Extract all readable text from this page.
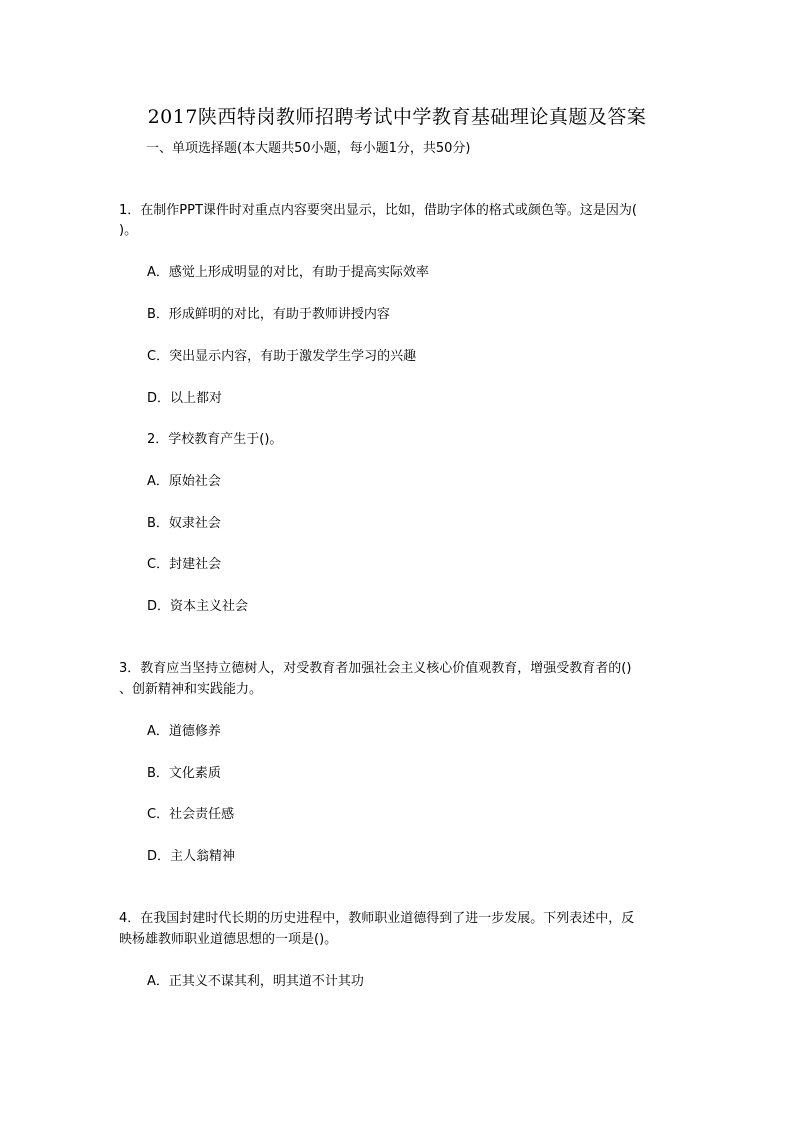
2017陕西特岗教师招聘考试中学教育基础理论真题及答案
一、单项选择题(本大题共50小题，每小题1分，共50分)
1．在制作PPT课件时对重点内容要突出显示，比如，借助字体的格式或颜色等。这是因为(
)。
A．感觉上形成明显的对比，有助于提高实际效率
B．形成鲜明的对比，有助于教师讲授内容
C．突出显示内容，有助于激发学生学习的兴趣
D．以上都对
2．学校教育产生于()。
A．原始社会
B．奴隶社会
C．封建社会
D．资本主义社会
3．教育应当坚持立德树人，对受教育者加强社会主义核心价值观教育，增强受教育者的()
、创新精神和实践能力。
A．道德修养
B．文化素质
C．社会责任感
D．主人翁精神
4．在我国封建时代长期的历史进程中，教师职业道德得到了进一步发展。下列表述中，反
映杨雄教师职业道德思想的一项是()。
A．正其义不谋其利，明其道不计其功
